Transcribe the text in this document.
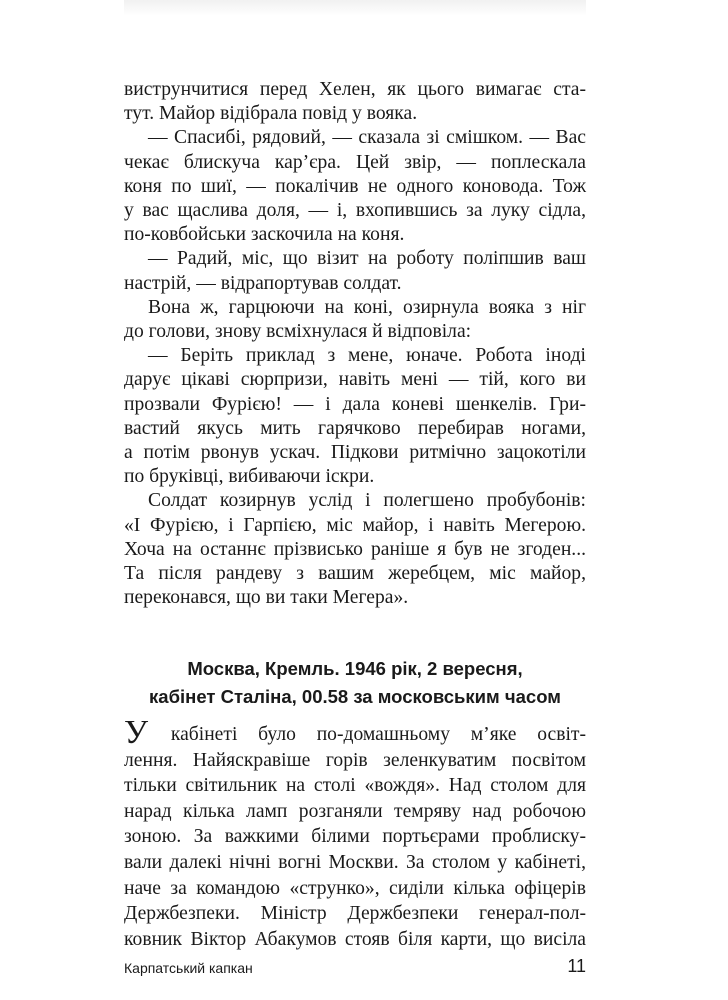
виструнчитися перед Хелен, як цього вимагає ста-
тут. Майор відібрала повід у вояка.
— Спасибі, рядовий, — сказала зі смішком. — Вас
чекає блискуча кар’єра. Цей звір, — поплескала
коня по шиї, — покалічив не одного коновода. Тож
у вас щаслива доля, — і, вхопившись за луку сідла,
по-ковбойськи заскочила на коня.
— Радий, міс, що візит на роботу поліпшив ваш
настрій, — відрапортував солдат.
Вона ж, гарцюючи на коні, озирнула вояка з ніг
до голови, знову всміхнулася й відповіла:
— Беріть приклад з мене, юначе. Робота іноді
дарує цікаві сюрпризи, навіть мені — тій, кого ви
прозвали Фурією! — і дала коневі шенкелів. Гри-
вастий якусь мить гарячково перебирав ногами,
а потім рвонув ускач. Підкови ритмічно зацокотіли
по бруківці, вибиваючи іскри.
Солдат козирнув услід і полегшено пробубонів:
«І Фурією, і Гарпією, міс майор, і навіть Мегерою.
Хоча на останнє прізвисько раніше я був не згоден...
Та після рандеву з вашим жеребцем, міс майор,
переконався, що ви таки Мегера».
Москва, Кремль. 1946 рік, 2 вересня,
кабінет Сталіна, 00.58 за московським часом
У кабінеті було по-домашньому м’яке освіт-
лення. Найяскравіше горів зеленкуватим посвітом
тільки світильник на столі «вождя». Над столом для
нарад кілька ламп розганяли темряву над робочою
зоною. За важкими білими портьєрами проблиску-
вали далекі нічні вогні Москви. За столом у кабінеті,
наче за командою «струнко», сиділи кілька офіцерів
Держбезпеки. Міністр Держбезпеки генерал-пол-
ковник Віктор Абакумов стояв біля карти, що висіла
Карпатський капкан	11
